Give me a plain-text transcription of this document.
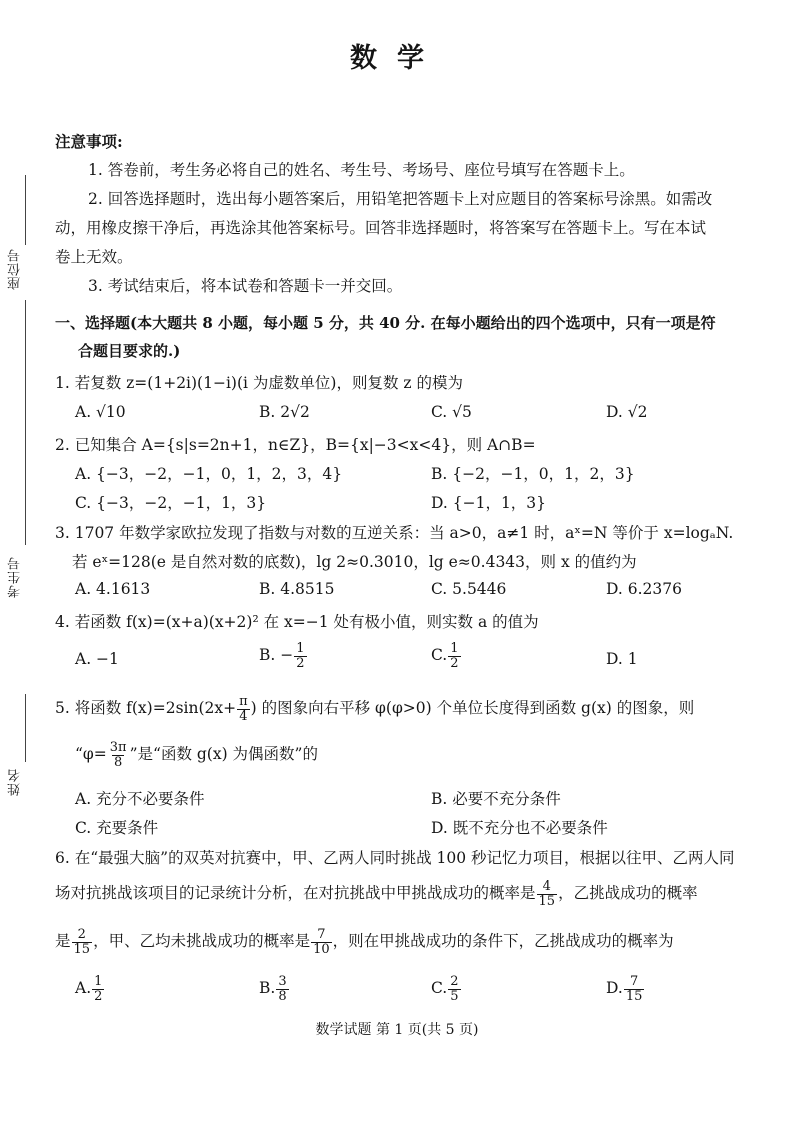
数学
座位号
考生号
姓名
注意事项:
1. 答卷前，考生务必将自己的姓名、考生号、考场号、座位号填写在答题卡上。
2. 回答选择题时，选出每小题答案后，用铅笔把答题卡上对应题目的答案标号涂黑。如需改
动，用橡皮擦干净后，再选涂其他答案标号。回答非选择题时，将答案写在答题卡上。写在本试
卷上无效。
3. 考试结束后，将本试卷和答题卡一并交回。
一、选择题(本大题共 8 小题，每小题 5 分，共 40 分. 在每小题给出的四个选项中，只有一项是符
合题目要求的.)
1. 若复数 z=(1+2i)(1−i)(i 为虚数单位)，则复数 z 的模为
A. √10	B. 2√2	C. √5	D. √2
2. 已知集合 A={s|s=2n+1，n∈Z}，B={x|−3<x<4}，则 A∩B=
A. {−3，−2，−1，0，1，2，3，4}	B. {−2，−1，0，1，2，3}
C. {−3，−2，−1，1，3}	D. {−1，1，3}
3. 1707 年数学家欧拉发现了指数与对数的互逆关系：当 a>0，a≠1 时，aˣ=N 等价于 x=logₐN.
若 eˣ=128(e 是自然对数的底数)，lg 2≈0.3010，lg e≈0.4343，则 x 的值约为
A. 4.1613	B. 4.8515	C. 5.5446	D. 6.2376
4. 若函数 f(x)=(x+a)(x+2)² 在 x=−1 处有极小值，则实数 a 的值为
A. −1	B. − $\frac{1}{2}$	C. $\frac{1}{2}$	D. 1
5. 将函数 $f(x)=2\sin(2x+ \frac{\pi}{4}$ ) 的图象向右平移 φ(φ>0) 个单位长度得到函数 g(x) 的图象，则
“$\varphi= \frac{3\pi}{8}$ ”是“函数 g(x) 为偶函数”的
A. 充分不必要条件	B. 必要不充分条件
C. 充要条件	D. 既不充分也不必要条件
6. 在“最强大脑”的双英对抗赛中，甲、乙两人同时挑战 100 秒记忆力项目，根据以往甲、乙两人同
场对抗挑战该项目的记录统计分析，在对抗挑战中甲挑战成功的概率是 $\frac{4}{15}$ ，乙挑战成功的概率
是 $\frac{2}{15}$ ，甲、乙均未挑战成功的概率是 $\frac{7}{10}$ ，则在甲挑战成功的条件下，乙挑战成功的概率为
A. $\frac{1}{2}$	B. $\frac{3}{8}$	C. $\frac{2}{5}$	D. $\frac{7}{15}$
数学试题 第 1 页(共 5 页)
